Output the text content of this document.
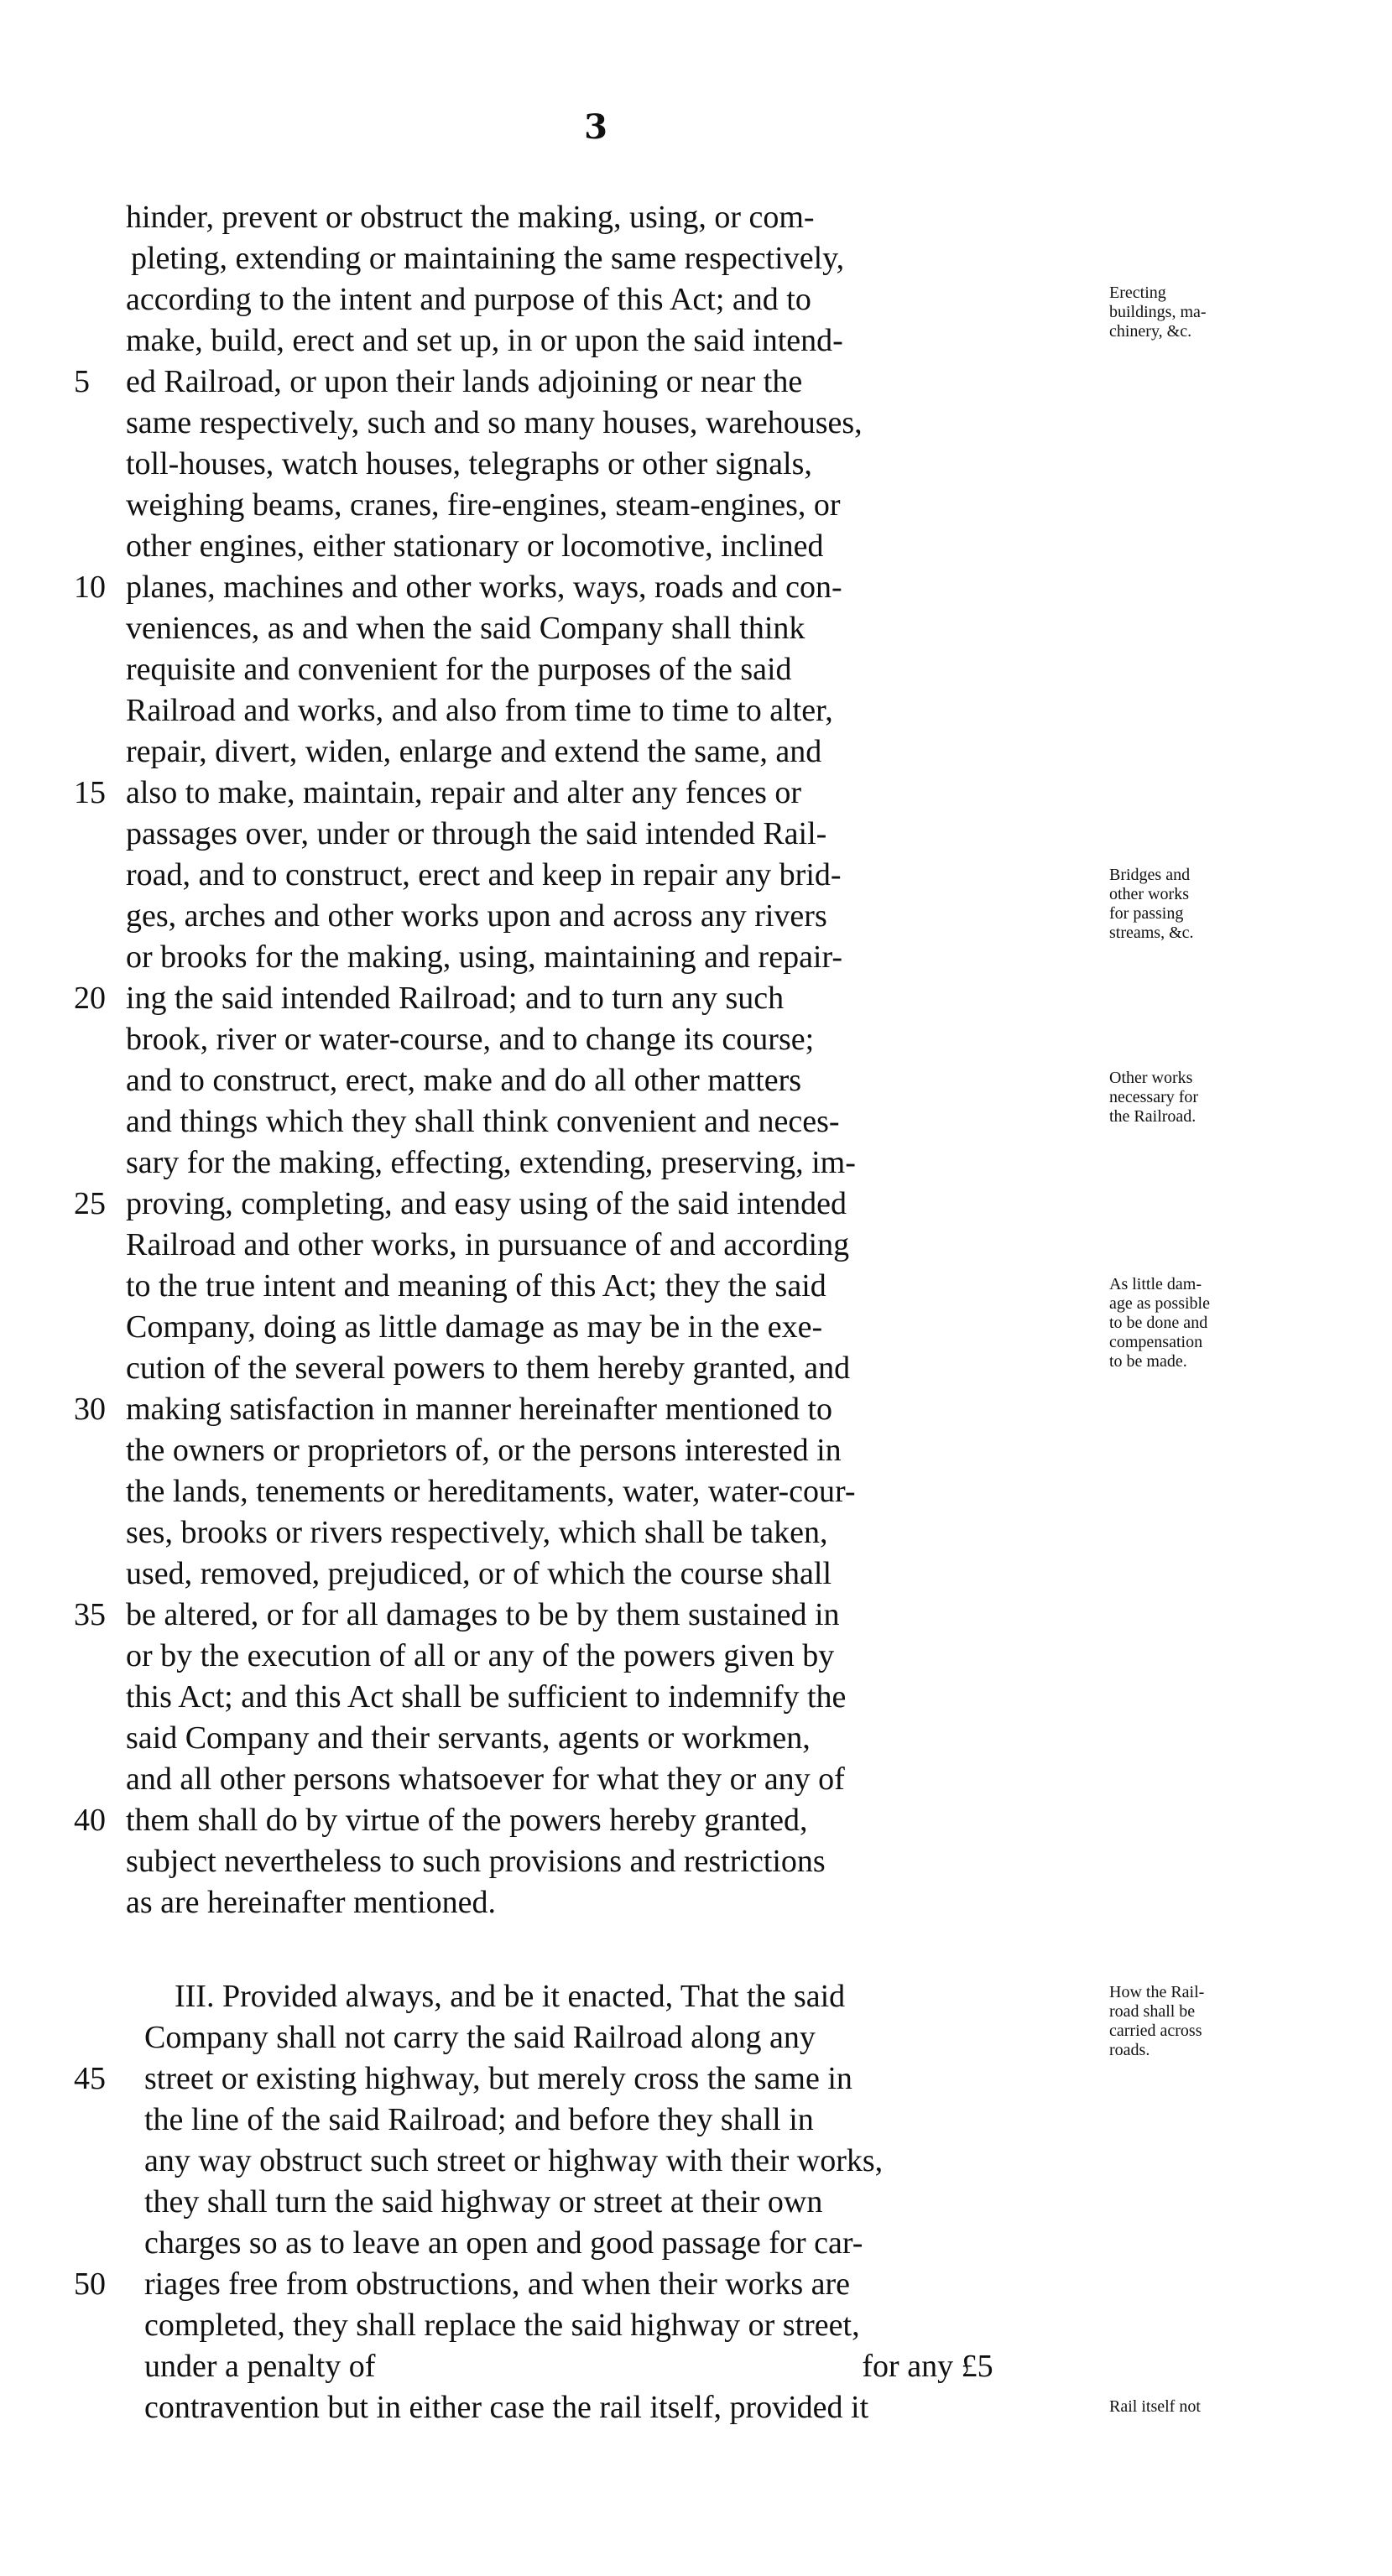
3
hinder, prevent or obstruct the making, using, or com-
pleting, extending or maintaining the same respectively,
according to the intent and purpose of this Act; and to
make, build, erect and set up, in or upon the said intend-
ed Railroad, or upon their lands adjoining or near the
same respectively, such and so many houses, warehouses,
toll-houses, watch houses, telegraphs or other signals,
weighing beams, cranes, fire-engines, steam-engines, or
other engines, either stationary or locomotive, inclined
planes, machines and other works, ways, roads and con-
veniences, as and when the said Company shall think
requisite and convenient for the purposes of the said
Railroad and works, and also from time to time to alter,
repair, divert, widen, enlarge and extend the same, and
also to make, maintain, repair and alter any fences or
passages over, under or through the said intended Rail-
road, and to construct, erect and keep in repair any brid-
ges, arches and other works upon and across any rivers
or brooks for the making, using, maintaining and repair-
ing the said intended Railroad; and to turn any such
brook, river or water-course, and to change its course;
and to construct, erect, make and do all other matters
and things which they shall think convenient and neces-
sary for the making, effecting, extending, preserving, im-
proving, completing, and easy using of the said intended
Railroad and other works, in pursuance of and according
to the true intent and meaning of this Act; they the said
Company, doing as little damage as may be in the exe-
cution of the several powers to them hereby granted, and
making satisfaction in manner hereinafter mentioned to
the owners or proprietors of, or the persons interested in
the lands, tenements or hereditaments, water, water-cour-
ses, brooks or rivers respectively, which shall be taken,
used, removed, prejudiced, or of which the course shall
be altered, or for all damages to be by them sustained in
or by the execution of all or any of the powers given by
this Act; and this Act shall be sufficient to indemnify the
said Company and their servants, agents or workmen,
and all other persons whatsoever for what they or any of
them shall do by virtue of the powers hereby granted,
subject nevertheless to such provisions and restrictions
as are hereinafter mentioned.
III. Provided always, and be it enacted, That the said
Company shall not carry the said Railroad along any
street or existing highway, but merely cross the same in
the line of the said Railroad; and before they shall in
any way obstruct such street or highway with their works,
they shall turn the said highway or street at their own
charges so as to leave an open and good passage for car-
riages free from obstructions, and when their works are
completed, they shall replace the said highway or street,
under a penalty of	for any £5
contravention but in either case the rail itself, provided it
5
10
15
20
25
30
35
40
45
50
Erecting
buildings, ma-
chinery, &c.
Bridges and
other works
for passing
streams, &c.
Other works
necessary for
the Railroad.
As little dam-
age as possible
to be done and
compensation
to be made.
How the Rail-
road shall be
carried across
roads.
Rail itself not
